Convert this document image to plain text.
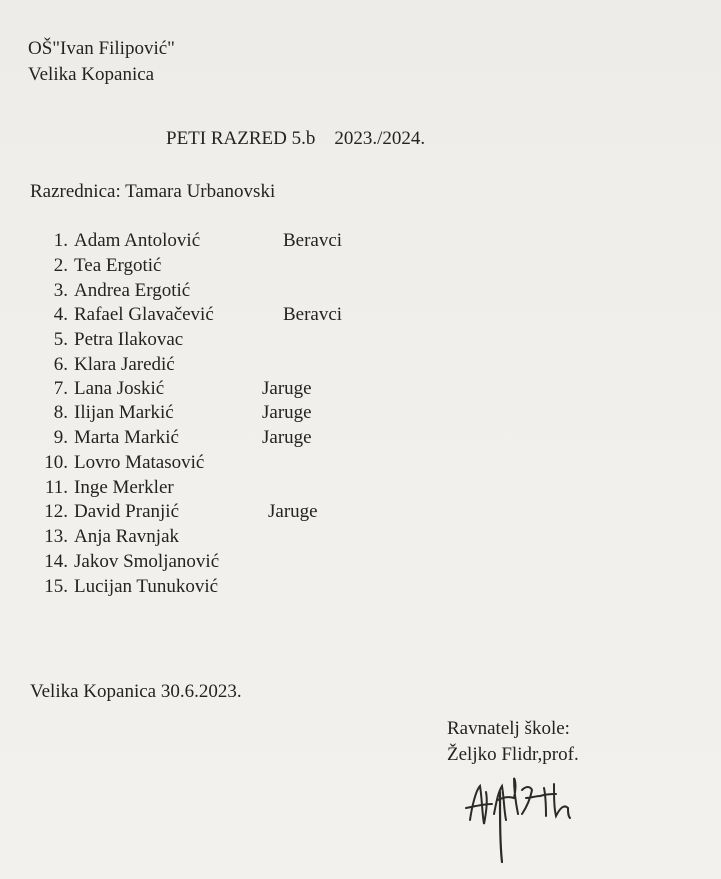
OŠ"Ivan Filipović"
Velika Kopanica
PETI RAZRED 5.b    2023./2024.
Razrednica: Tamara Urbanovski
1. Adam Antolović	Beravci
2. Tea Ergotić
3. Andrea Ergotić
4. Rafael Glavačević	Beravci
5. Petra Ilakovac
6. Klara Jaredić
7. Lana Joskić	Jaruge
8. Ilijan Markić	Jaruge
9. Marta Markić	Jaruge
10. Lovro Matasović
11. Inge Merkler
12. David Pranjić	Jaruge
13. Anja Ravnjak
14. Jakov Smoljanović
15. Lucijan Tunuković
Velika Kopanica 30.6.2023.
Ravnatelj škole:
Željko Flidr,prof.
